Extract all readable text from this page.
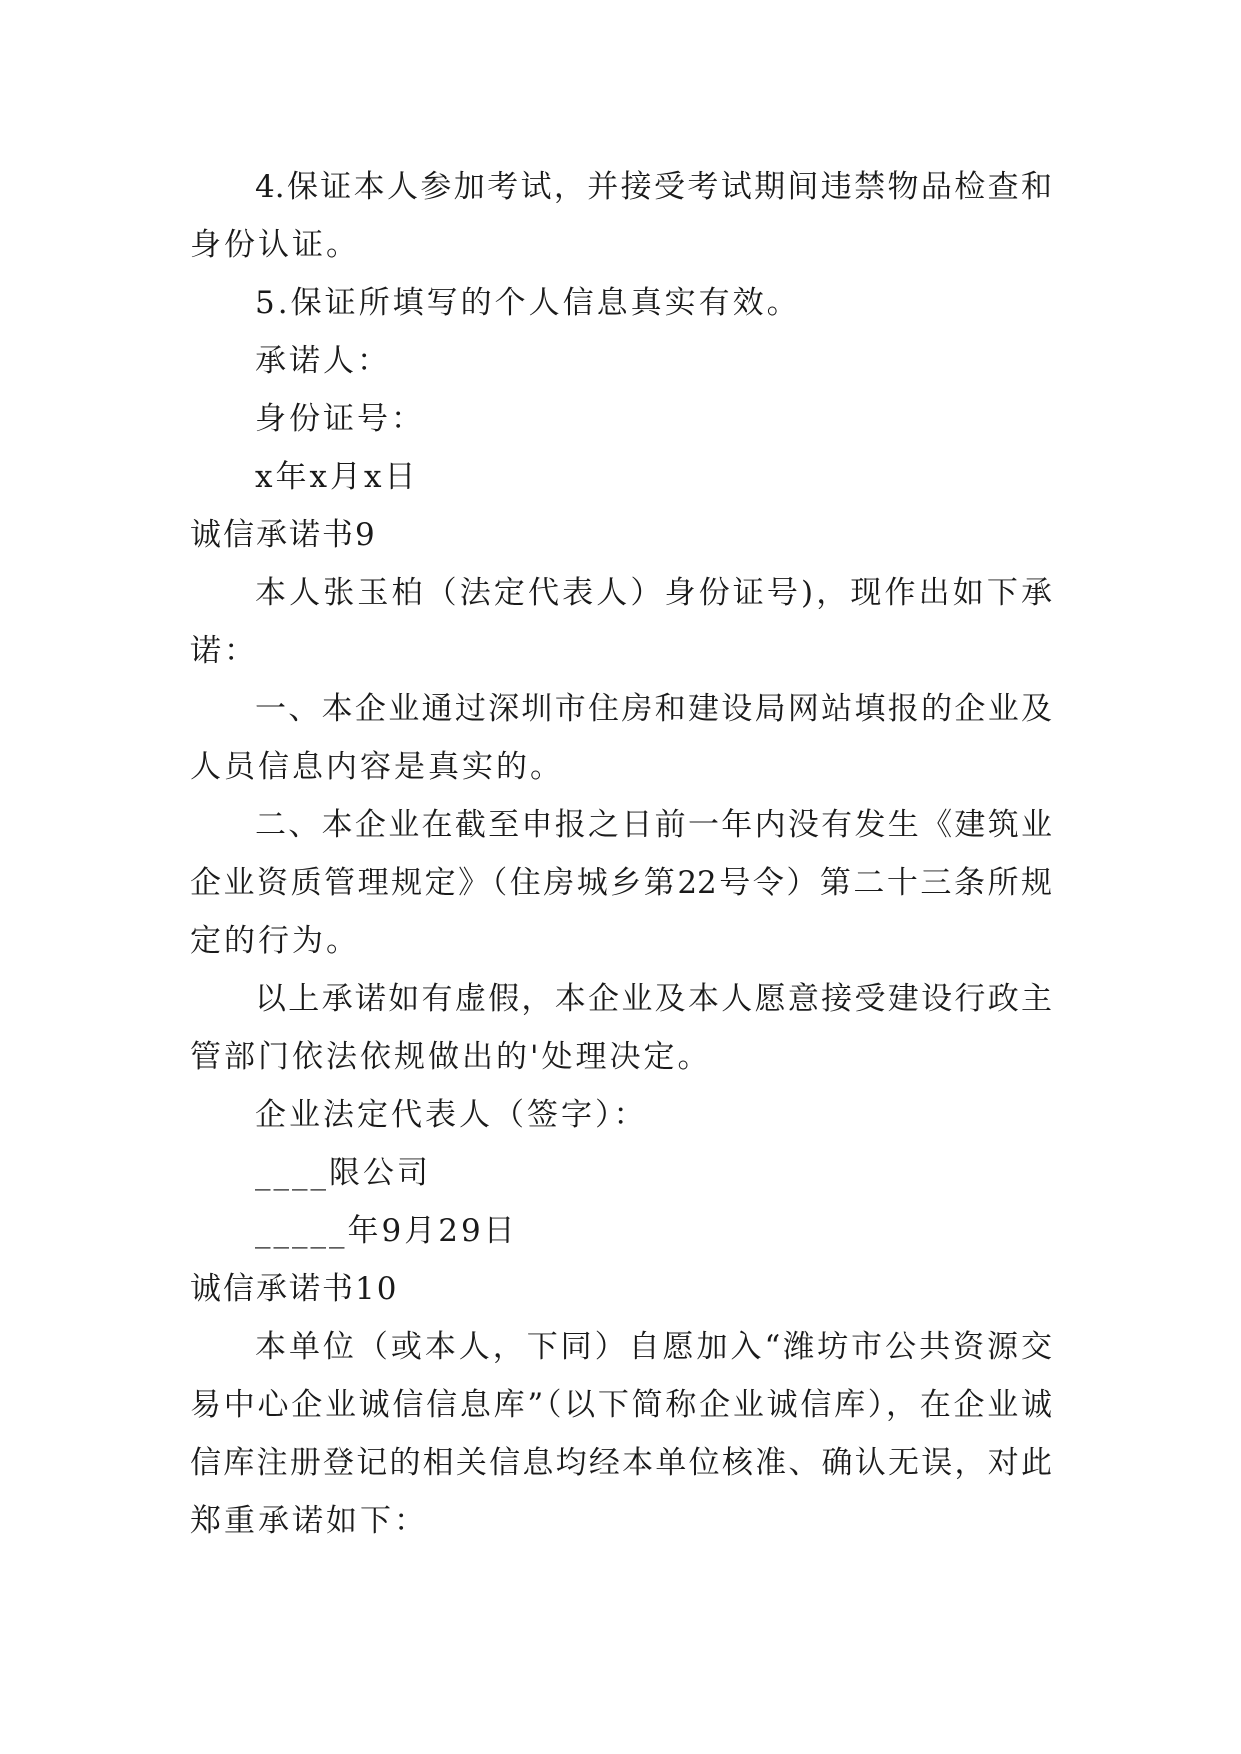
4.保证本人参加考试，并接受考试期间违禁物品检查和
身份认证。
5.保证所填写的个人信息真实有效。
承诺人：
身份证号：
x年x月x日
诚信承诺书9
本人张玉柏（法定代表人）身份证号)，现作出如下承
诺：
一、本企业通过深圳市住房和建设局网站填报的企业及
人员信息内容是真实的。
二、本企业在截至申报之日前一年内没有发生《建筑业
企业资质管理规定》（住房城乡第22号令）第二十三条所规
定的行为。
以上承诺如有虚假，本企业及本人愿意接受建设行政主
管部门依法依规做出的'处理决定。
企业法定代表人（签字）：
____限公司
_____年9月29日
诚信承诺书10
本单位（或本人，下同）自愿加入“潍坊市公共资源交
易中心企业诚信信息库”（以下简称企业诚信库），在企业诚
信库注册登记的相关信息均经本单位核准、确认无误，对此
郑重承诺如下：
